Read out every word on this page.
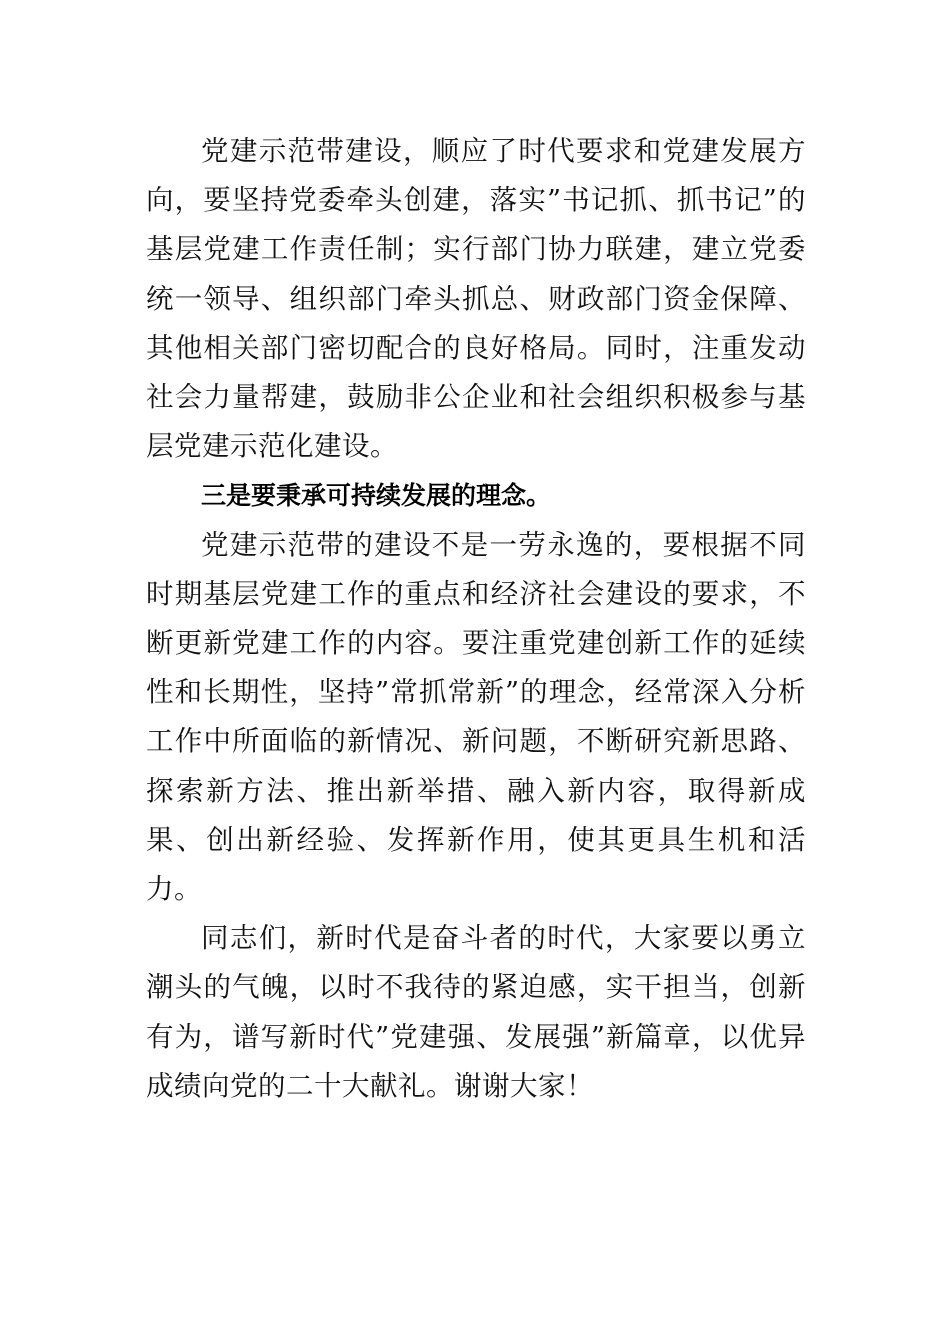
党建示范带建设，顺应了时代要求和党建发展方向，要坚持党委牵头创建，落实”书记抓、抓书记”的基层党建工作责任制；实行部门协力联建，建立党委统一领导、组织部门牵头抓总、财政部门资金保障、其他相关部门密切配合的良好格局。同时，注重发动社会力量帮建，鼓励非公企业和社会组织积极参与基层党建示范化建设。

三是要秉承可持续发展的理念。

党建示范带的建设不是一劳永逸的，要根据不同时期基层党建工作的重点和经济社会建设的要求，不断更新党建工作的内容。要注重党建创新工作的延续性和长期性，坚持”常抓常新”的理念，经常深入分析工作中所面临的新情况、新问题，不断研究新思路、探索新方法、推出新举措、融入新内容，取得新成果、创出新经验、发挥新作用，使其更具生机和活力。

同志们，新时代是奋斗者的时代，大家要以勇立潮头的气魄，以时不我待的紧迫感，实干担当，创新有为，谱写新时代”党建强、发展强”新篇章，以优异成绩向党的二十大献礼。谢谢大家！
